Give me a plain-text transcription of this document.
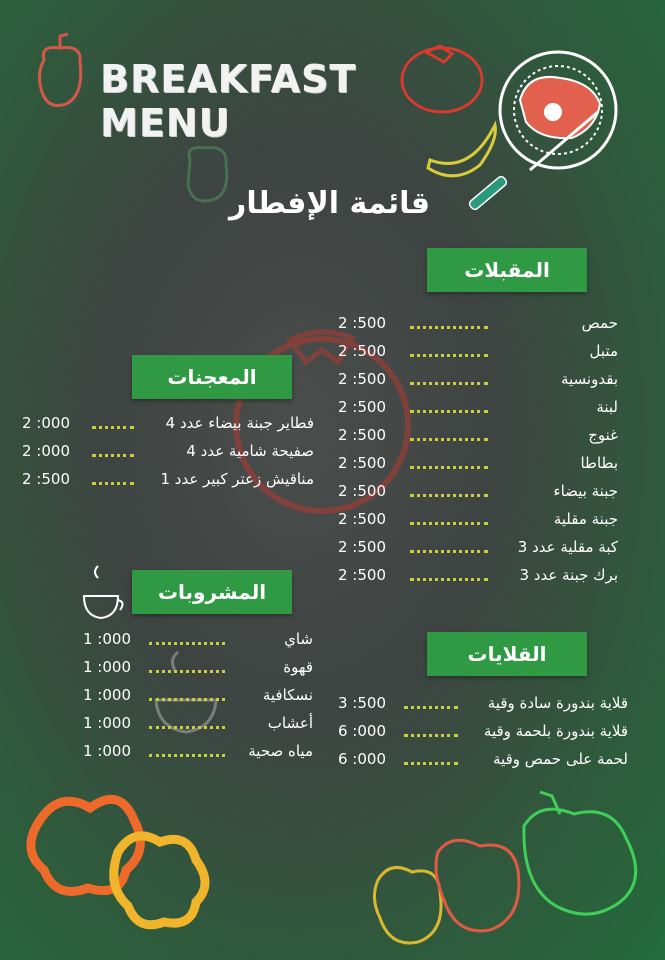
BREAKFAST
MENU
قائمة الإفطار
المقبلات
المعجنات
المشروبات
القلايات
2 :500	حمص
2 :500	متبل
2 :500	بقدونسية
2 :500	لبنة
2 :500	غنوج
2 :500	بطاطا
2 :500	جبنة بيضاء
2 :500	جبنة مقلية
2 :500	كبة مقلية عدد 3
2 :500	برك جبنة عدد 3
2 :000	فطاير جبنة بيضاء عدد 4
2 :000	صفيحة شامية عدد 4
2 :500	مناقيش زعتر كبير عدد 1
1 :000	شاي
1 :000	قهوة
1 :000	نسكافية
1 :000	أعشاب
1 :000	مياه صحية
3 :500	قلاية بندورة سادة وقية
6 :000	قلاية بندورة بلحمة وقية
6 :000	لحمة على حمص وقية
